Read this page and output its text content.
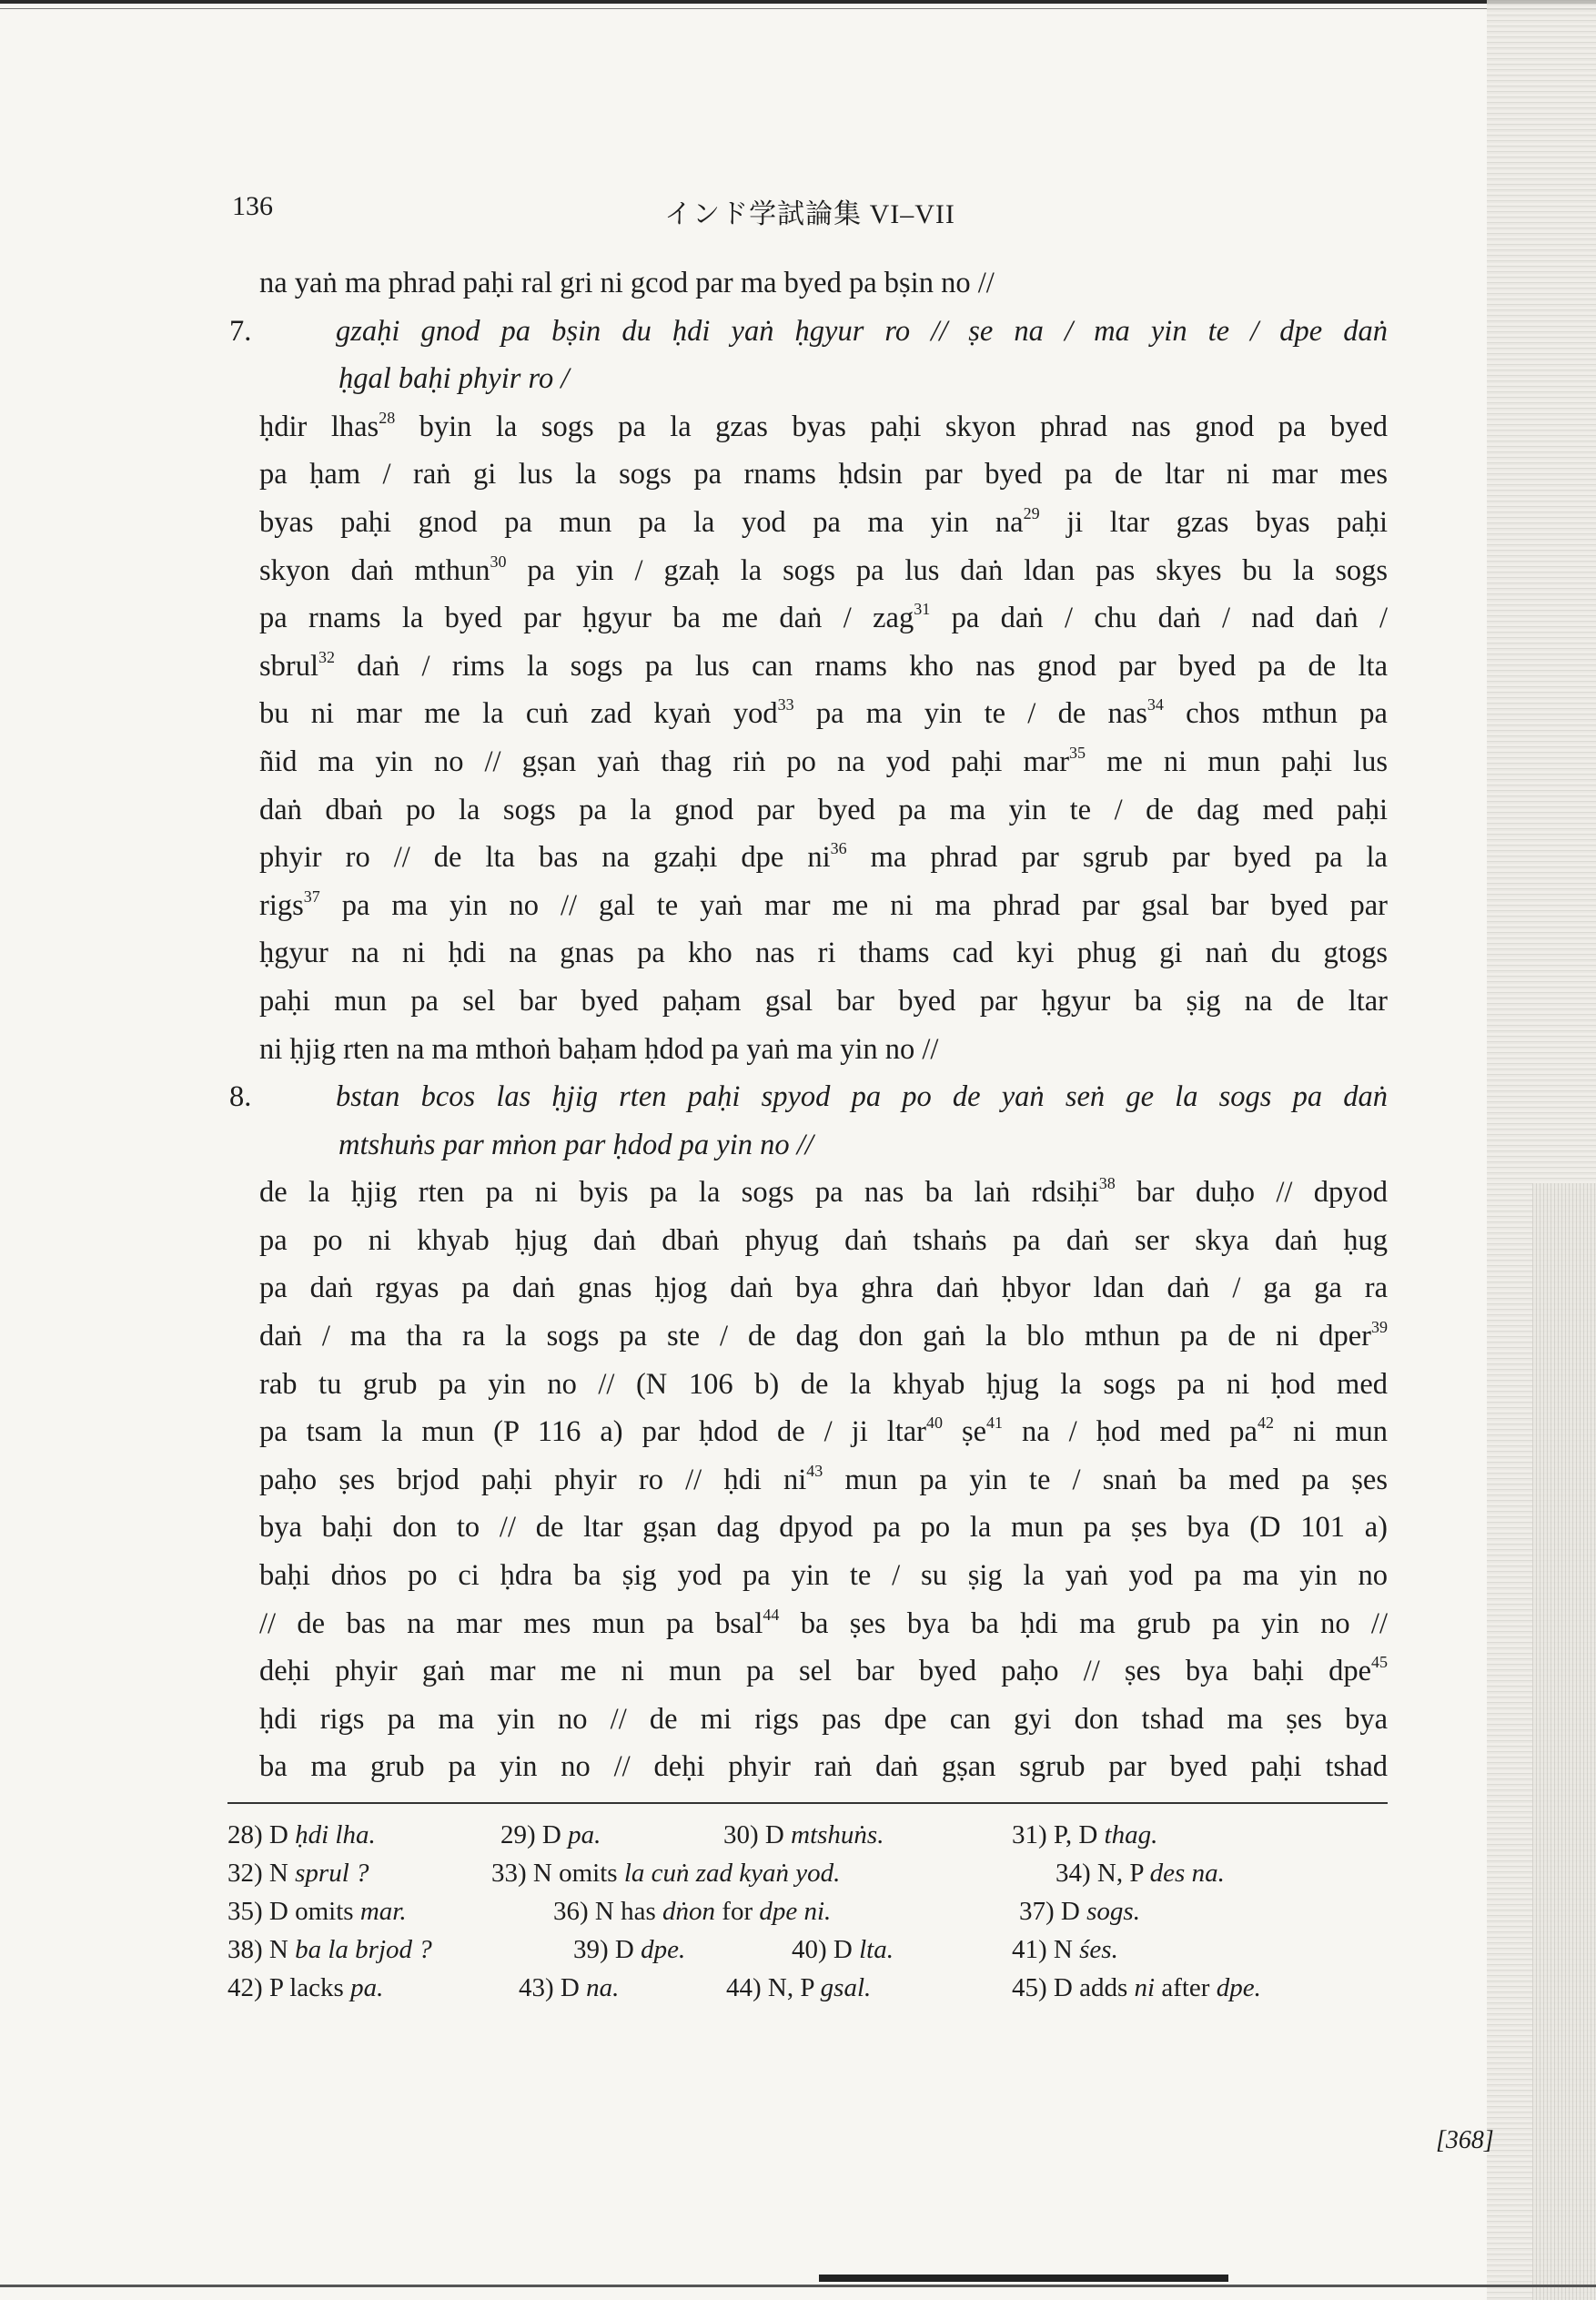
136	インド学試論集 VI–VII
na yaṅ ma phrad paḥi ral gri ni gcod par ma byed pa bṣin no //
7.	gzaḥi gnod pa bṣin du ḥdi yaṅ ḥgyur ro // ṣe na / ma yin te / dpe daṅ
ḥgal baḥi phyir ro /
ḥdir lhas$^{28}$ byin la sogs pa la gzas byas paḥi skyon phrad nas gnod pa byed
pa ḥam / raṅ gi lus la sogs pa rnams ḥdsin par byed pa de ltar ni mar mes
byas paḥi gnod pa mun pa la yod pa ma yin $na^{29}$ ji ltar gzas byas paḥi
skyon daṅ mthun$^{30}$ pa yin / gzaḥ la sogs pa lus daṅ ldan pas skyes bu la sogs
pa rnams la byed par ḥgyur ba me daṅ / zag$^{31}$ pa daṅ / chu daṅ / nad daṅ /
sbrul$^{32}$ daṅ / rims la sogs pa lus can rnams kho nas gnod par byed pa de lta
bu ni mar me la cuṅ zad kyaṅ yod$^{33}$ pa ma yin te / de nas$^{34}$ chos mthun pa
ñid ma yin no // gṣan yaṅ thag riṅ po na yod paḥi mar$^{35}$ me ni mun paḥi lus
daṅ dbaṅ po la sogs pa la gnod par byed pa ma yin te / de dag med paḥi
phyir ro // de lta bas na gzaḥi dpe $ni^{36}$ ma phrad par sgrub par byed pa la
rigs$^{37}$ pa ma yin no // gal te yaṅ mar me ni ma phrad par gsal bar byed par
ḥgyur na ni ḥdi na gnas pa kho nas ri thams cad kyi phug gi naṅ du gtogs
paḥi mun pa sel bar byed paḥam gsal bar byed par ḥgyur ba ṣig na de ltar
ni ḥjig rten na ma mthoṅ baḥam ḥdod pa yaṅ ma yin no //
8.	bstan bcos las ḥjig rten paḥi spyod pa po de yaṅ seṅ ge la sogs pa daṅ
mtshuṅs par mṅon par ḥdod pa yin no //
de la ḥjig rten pa ni byis pa la sogs pa nas ba laṅ rdsiḥi$^{38}$ bar duḥo // dpyod
pa po ni khyab ḥjug daṅ dbaṅ phyug daṅ tshaṅs pa daṅ ser skya daṅ ḥug
pa daṅ rgyas pa daṅ gnas ḥjog daṅ bya ghra daṅ ḥbyor ldan daṅ / ga ga ra
daṅ / ma tha ra la sogs pa ste / de dag don gaṅ la blo mthun pa de ni dper$^{39}$
rab tu grub pa yin no // (N 106 b) de la khyab ḥjug la sogs pa ni ḥod med
pa tsam la mun (P 116 a) par ḥdod de / ji ltar$^{40}$ ṣe$^{41}$ na / ḥod med $pa^{42}$ ni mun
paḥo ṣes brjod paḥi phyir ro // ḥdi $ni^{43}$ mun pa yin te / snaṅ ba med pa ṣes
bya baḥi don to // de ltar gṣan dag dpyod pa po la mun pa ṣes bya (D 101 a)
baḥi dṅos po ci ḥdra ba ṣig yod pa yin te / su ṣig la yaṅ yod pa ma yin no
// de bas na mar mes mun pa bsal$^{44}$ ba ṣes bya ba ḥdi ma grub pa yin no //
deḥi phyir gaṅ mar me ni mun pa sel bar byed paḥo // ṣes bya baḥi dpe$^{45}$
ḥdi rigs pa ma yin no // de mi rigs pas dpe can gyi don tshad ma ṣes bya
ba ma grub pa yin no // deḥi phyir raṅ daṅ gṣan sgrub par byed paḥi tshad
28) D ḥdi lha.	29) D pa.	30) D mtshuṅs.	31) P, D thag.
32) N sprul ?	33) N omits la cuṅ zad kyaṅ yod.	34) N, P des na.
35) D omits mar.	36) N has dṅon for dpe ni.	37) D sogs.
38) N ba la brjod ?	39) D dpe.	40) D lta.	41) N śes.
42) P lacks pa.	43) D na.	44) N, P gsal.	45) D adds ni after dpe.
[368]
